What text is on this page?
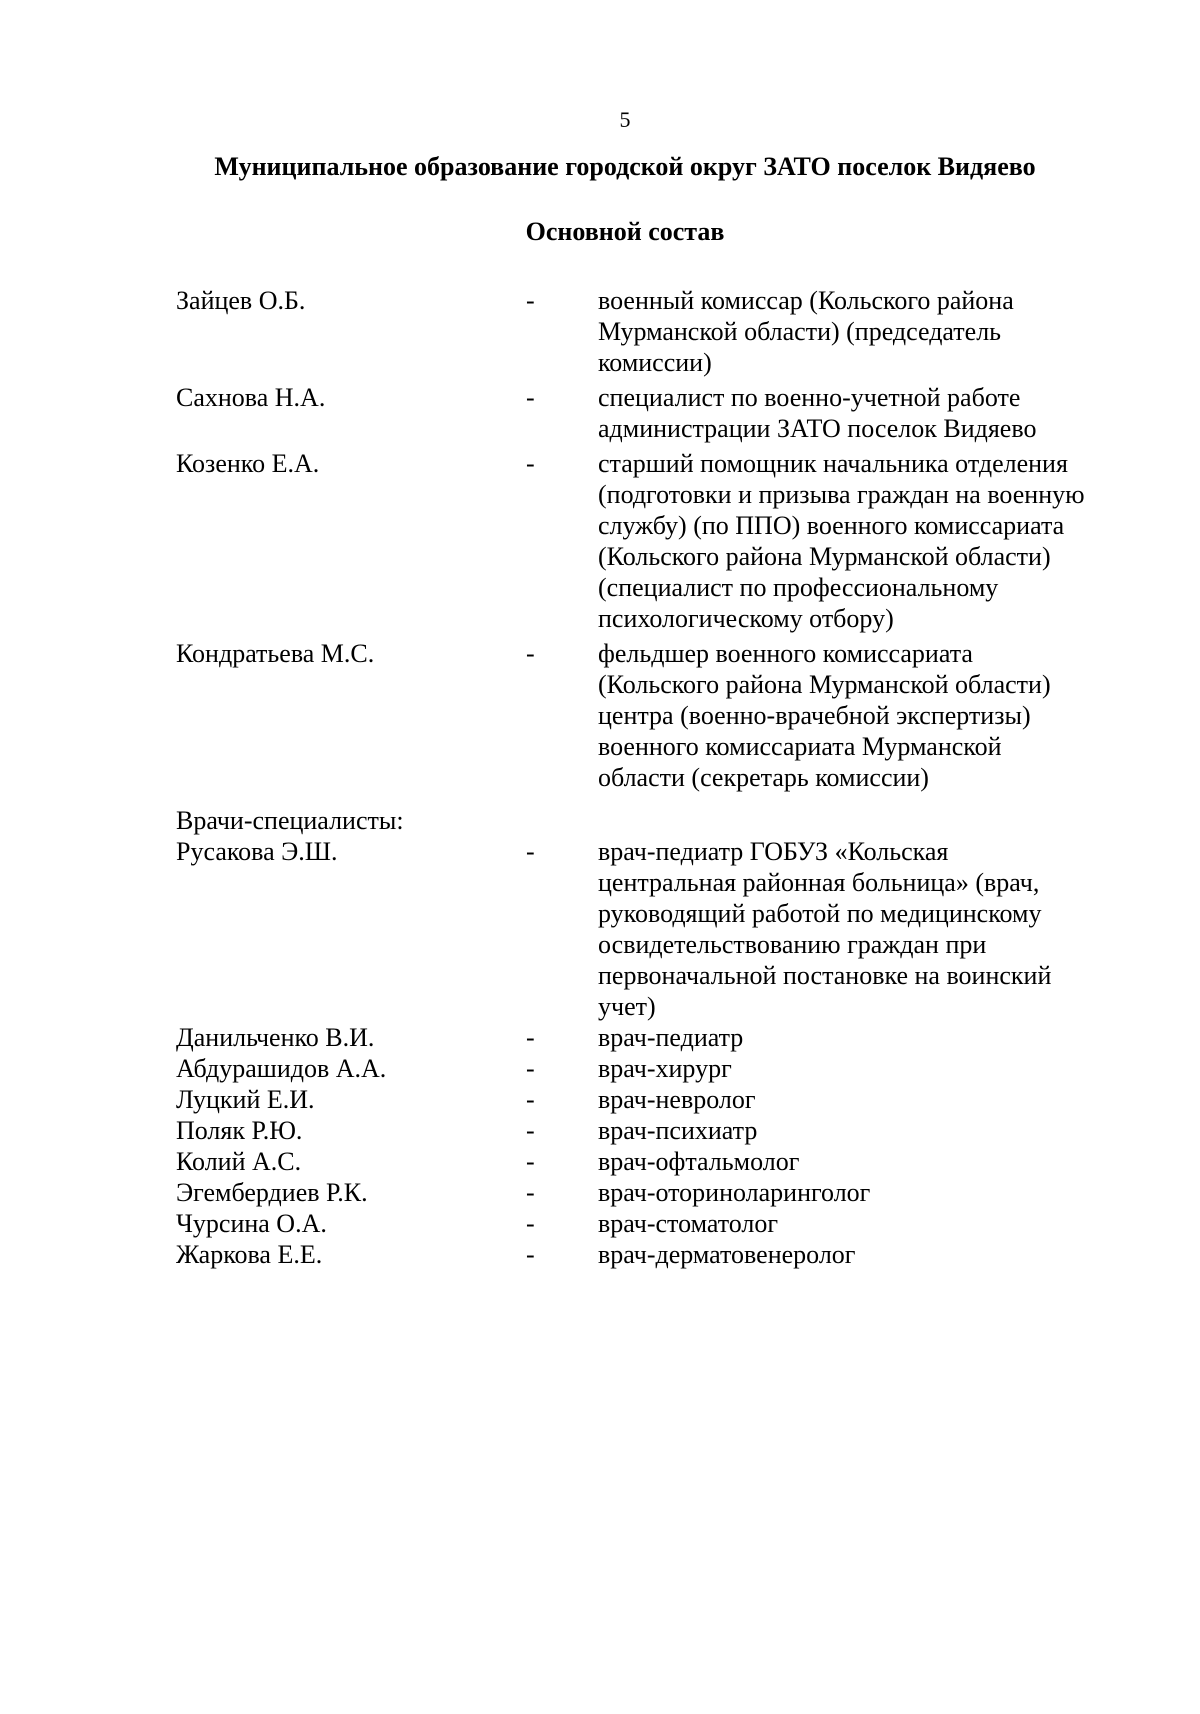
5
Муниципальное образование городской округ ЗАТО поселок Видяево
Основной состав
Зайцев О.Б.	-	военный комиссар (Кольского района Мурманской области) (председатель комиссии)
Сахнова Н.А.	-	специалист по военно-учетной работе администрации ЗАТО поселок Видяево
Козенко Е.А.	-	старший помощник начальника отделения (подготовки и призыва граждан на военную службу) (по ППО) военного комиссариата (Кольского района Мурманской области) (специалист по профессиональному психологическому отбору)
Кондратьева М.С.	-	фельдшер военного комиссариата (Кольского района Мурманской области) центра (военно-врачебной экспертизы) военного комиссариата Мурманской области (секретарь комиссии)
Врачи-специалисты:
Русакова Э.Ш.	-	врач-педиатр ГОБУЗ «Кольская центральная районная больница» (врач, руководящий работой по медицинскому освидетельствованию граждан при первоначальной постановке на воинский учет)
Данильченко В.И.	-	врач-педиатр
Абдурашидов А.А.	-	врач-хирург
Луцкий Е.И.	-	врач-невролог
Поляк Р.Ю.	-	врач-психиатр
Колий А.С.	-	врач-офтальмолог
Эгембердиев Р.К.	-	врач-оториноларинголог
Чурсина О.А.	-	врач-стоматолог
Жаркова Е.Е.	-	врач-дерматовенеролог
